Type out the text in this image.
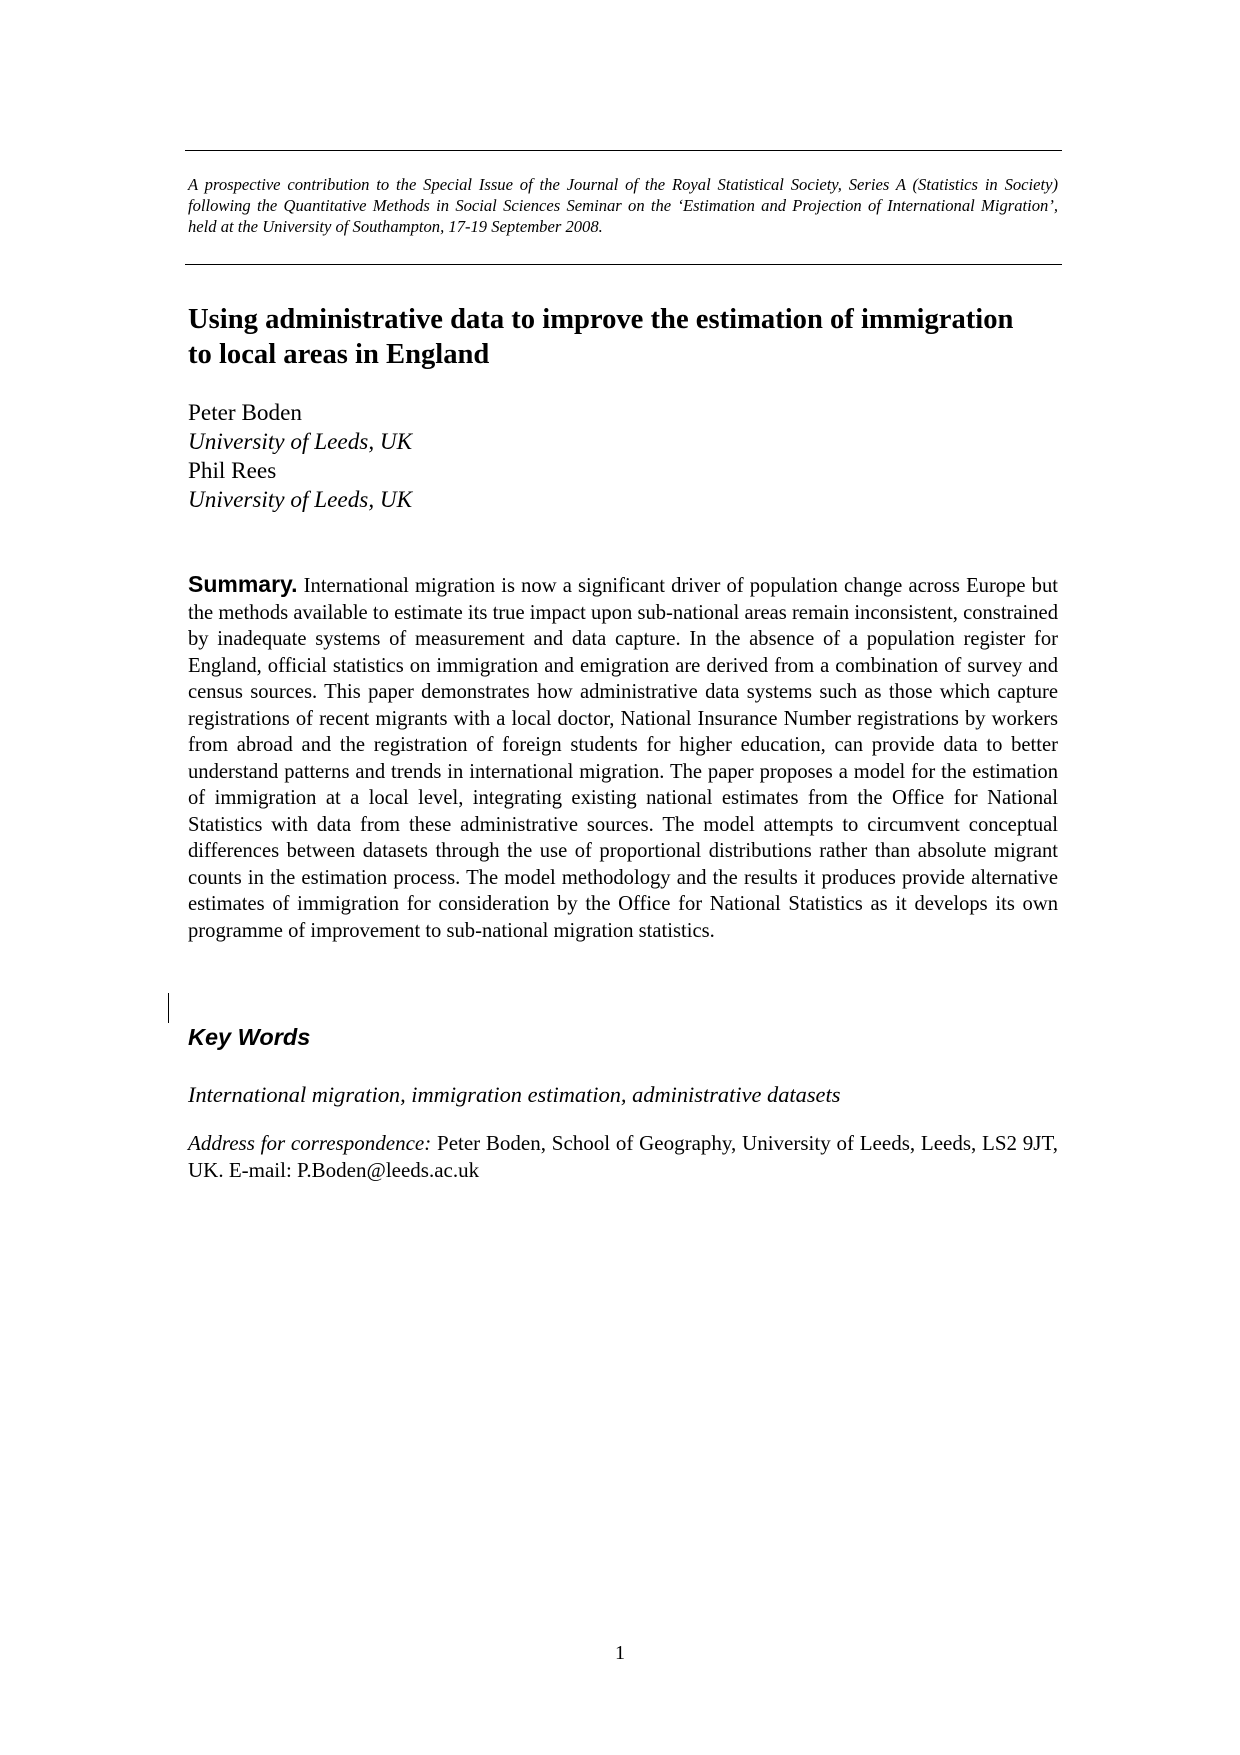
A prospective contribution to the Special Issue of the Journal of the Royal Statistical Society, Series A (Statistics in Society) following the Quantitative Methods in Social Sciences Seminar on the ‘Estimation and Projection of International Migration’, held at the University of Southampton, 17-19 September 2008.

Using administrative data to improve the estimation of immigration
to local areas in England
Peter Boden
University of Leeds, UK
Phil Rees
University of Leeds, UK

Summary. International migration is now a significant driver of population change across Europe but the methods available to estimate its true impact upon sub-national areas remain inconsistent, constrained by inadequate systems of measurement and data capture. In the absence of a population register for England, official statistics on immigration and emigration are derived from a combination of survey and census sources. This paper demonstrates how administrative data systems such as those which capture registrations of recent migrants with a local doctor, National Insurance Number registrations by workers from abroad and the registration of foreign students for higher education, can provide data to better understand patterns and trends in international migration. The paper proposes a model for the estimation of immigration at a local level, integrating existing national estimates from the Office for National Statistics with data from these administrative sources. The model attempts to circumvent conceptual differences between datasets through the use of proportional distributions rather than absolute migrant counts in the estimation process. The model methodology and the results it produces provide alternative estimates of immigration for consideration by the Office for National Statistics as it develops its own programme of improvement to sub-national migration statistics.

Key Words

International migration, immigration estimation, administrative datasets

Address for correspondence: Peter Boden, School of Geography, University of Leeds, Leeds, LS2 9JT, UK. E-mail: P.Boden@leeds.ac.uk

1
